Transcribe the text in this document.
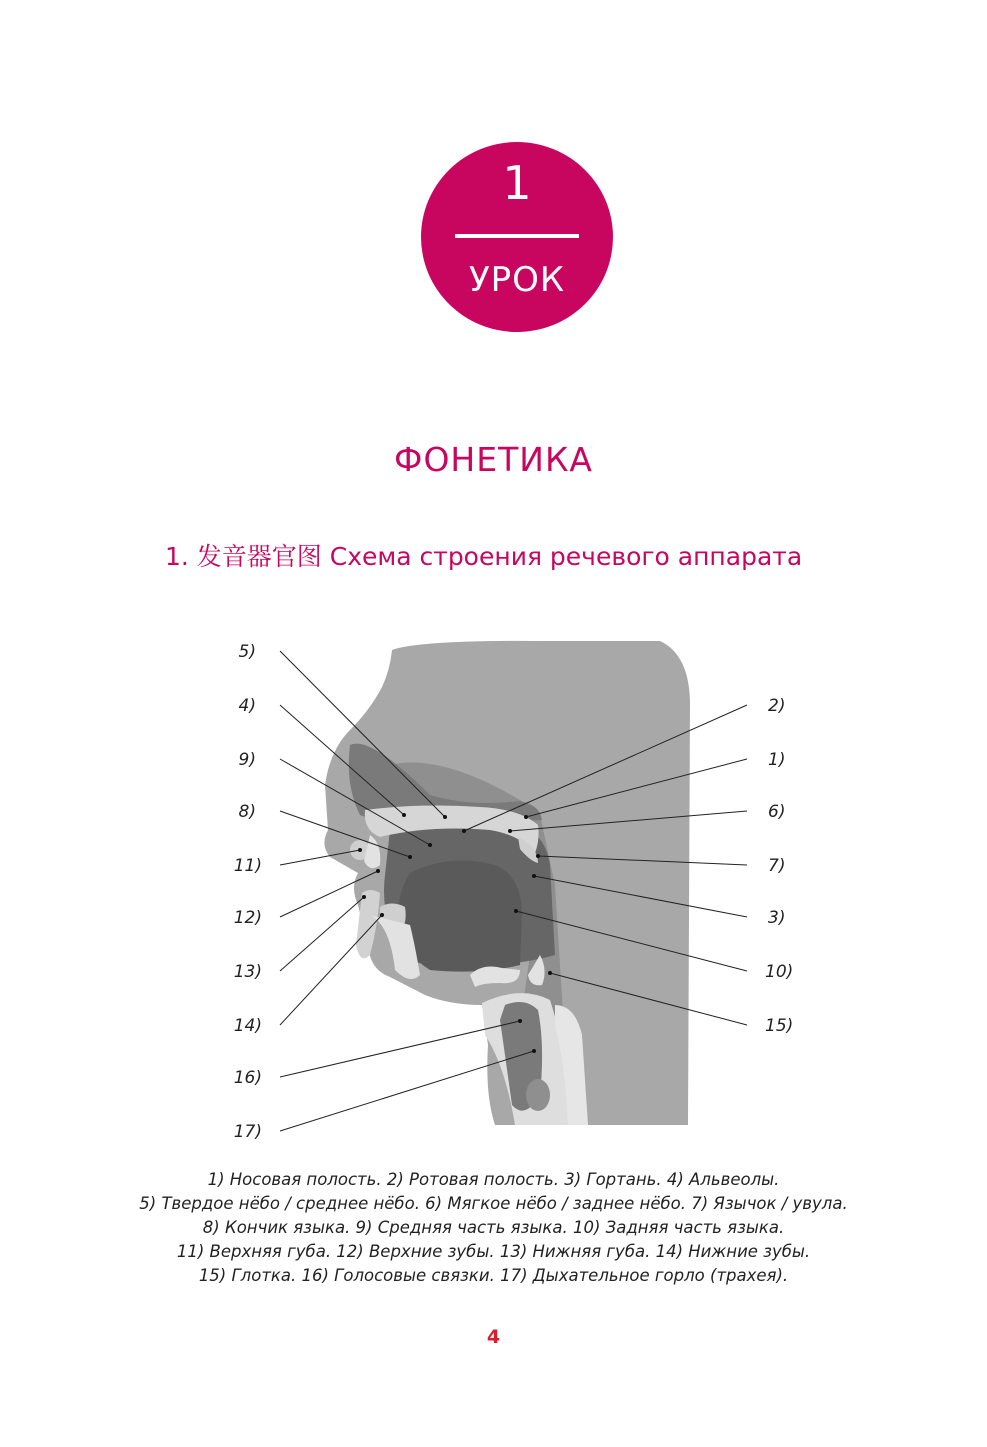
1
УРОК
ФОНЕТИКА
1. 发音器官图 Схема строения речевого аппарата
5)
4)
9)
8)
11)
12)
13)
14)
16)
17)
2)
1)
6)
7)
3)
10)
15)
1) Носовая полость. 2) Ротовая полость. 3) Гортань. 4) Альвеолы.
5) Твердое нёбо / среднее нёбо. 6) Мягкое нёбо / заднее нёбо. 7) Язычок / увула.
8) Кончик языка. 9) Средняя часть языка. 10) Задняя часть языка.
11) Верхняя губа. 12) Верхние зубы. 13) Нижняя губа. 14) Нижние зубы.
15) Глотка. 16) Голосовые связки. 17) Дыхательное горло (трахея).
4
